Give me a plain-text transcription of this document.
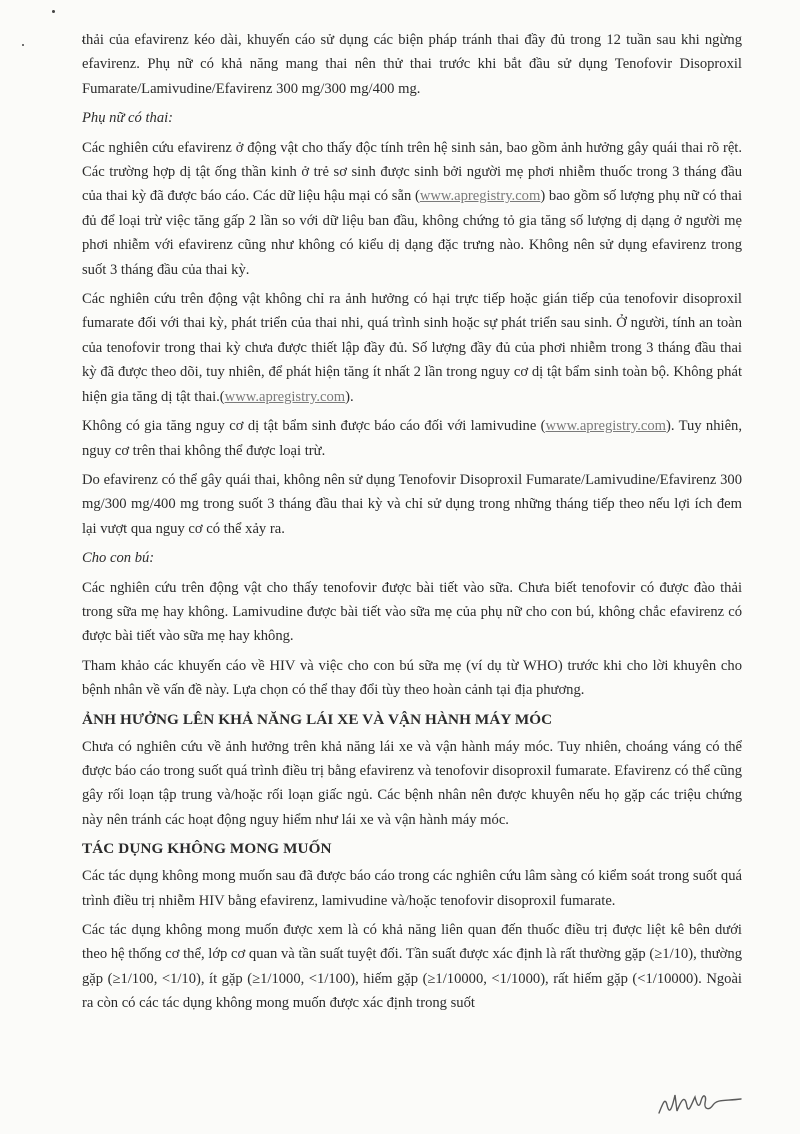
thải của efavirenz kéo dài, khuyến cáo sử dụng các biện pháp tránh thai đầy đủ trong 12 tuần sau khi ngừng efavirenz. Phụ nữ có khả năng mang thai nên thử thai trước khi bắt đầu sử dụng Tenofovir Disoproxil Fumarate/Lamivudine/Efavirenz 300 mg/300 mg/400 mg.

Phụ nữ có thai:

Các nghiên cứu efavirenz ở động vật cho thấy độc tính trên hệ sinh sản, bao gồm ảnh hưởng gây quái thai rõ rệt. Các trường hợp dị tật ống thần kinh ở trẻ sơ sinh được sinh bởi người mẹ phơi nhiễm thuốc trong 3 tháng đầu của thai kỳ đã được báo cáo. Các dữ liệu hậu mại có sẵn (www.apregistry.com) bao gồm số lượng phụ nữ có thai đủ để loại trừ việc tăng gấp 2 lần so với dữ liệu ban đầu, không chứng tỏ gia tăng số lượng dị dạng ở người mẹ phơi nhiễm với efavirenz cũng như không có kiểu dị dạng đặc trưng nào. Không nên sử dụng efavirenz trong suốt 3 tháng đầu của thai kỳ.

Các nghiên cứu trên động vật không chỉ ra ảnh hưởng có hại trực tiếp hoặc gián tiếp của tenofovir disoproxil fumarate đối với thai kỳ, phát triển của thai nhi, quá trình sinh hoặc sự phát triển sau sinh. Ở người, tính an toàn của tenofovir trong thai kỳ chưa được thiết lập đầy đủ. Số lượng đầy đủ của phơi nhiễm trong 3 tháng đầu thai kỳ đã được theo dõi, tuy nhiên, để phát hiện tăng ít nhất 2 lần trong nguy cơ dị tật bẩm sinh toàn bộ. Không phát hiện gia tăng dị tật thai.(www.apregistry.com).

Không có gia tăng nguy cơ dị tật bẩm sinh được báo cáo đối với lamivudine (www.apregistry.com). Tuy nhiên, nguy cơ trên thai không thể được loại trừ.

Do efavirenz có thể gây quái thai, không nên sử dụng Tenofovir Disoproxil Fumarate/Lamivudine/Efavirenz 300 mg/300 mg/400 mg trong suốt 3 tháng đầu thai kỳ và chỉ sử dụng trong những tháng tiếp theo nếu lợi ích đem lại vượt qua nguy cơ có thể xảy ra.

Cho con bú:

Các nghiên cứu trên động vật cho thấy tenofovir được bài tiết vào sữa. Chưa biết tenofovir có được đào thải trong sữa mẹ hay không. Lamivudine được bài tiết vào sữa mẹ của phụ nữ cho con bú, không chắc efavirenz có được bài tiết vào sữa mẹ hay không.

Tham khảo các khuyến cáo về HIV và việc cho con bú sữa mẹ (ví dụ từ WHO) trước khi cho lời khuyên cho bệnh nhân về vấn đề này. Lựa chọn có thể thay đổi tùy theo hoàn cảnh tại địa phương.

ẢNH HƯỞNG LÊN KHẢ NĂNG LÁI XE VÀ VẬN HÀNH MÁY MÓC

Chưa có nghiên cứu về ảnh hưởng trên khả năng lái xe và vận hành máy móc. Tuy nhiên, choáng váng có thể được báo cáo trong suốt quá trình điều trị bằng efavirenz và tenofovir disoproxil fumarate. Efavirenz có thể cũng gây rối loạn tập trung và/hoặc rối loạn giấc ngủ. Các bệnh nhân nên được khuyên nếu họ gặp các triệu chứng này nên tránh các hoạt động nguy hiểm như lái xe và vận hành máy móc.

TÁC DỤNG KHÔNG MONG MUỐN

Các tác dụng không mong muốn sau đã được báo cáo trong các nghiên cứu lâm sàng có kiểm soát trong suốt quá trình điều trị nhiễm HIV bằng efavirenz, lamivudine và/hoặc tenofovir disoproxil fumarate.

Các tác dụng không mong muốn được xem là có khả năng liên quan đến thuốc điều trị được liệt kê bên dưới theo hệ thống cơ thể, lớp cơ quan và tần suất tuyệt đối. Tần suất được xác định là rất thường gặp (≥1/10), thường gặp (≥1/100, <1/10), ít gặp (≥1/1000, <1/100), hiếm gặp (≥1/10000, <1/1000), rất hiếm gặp (<1/10000). Ngoài ra còn có các tác dụng không mong muốn được xác định trong suốt
